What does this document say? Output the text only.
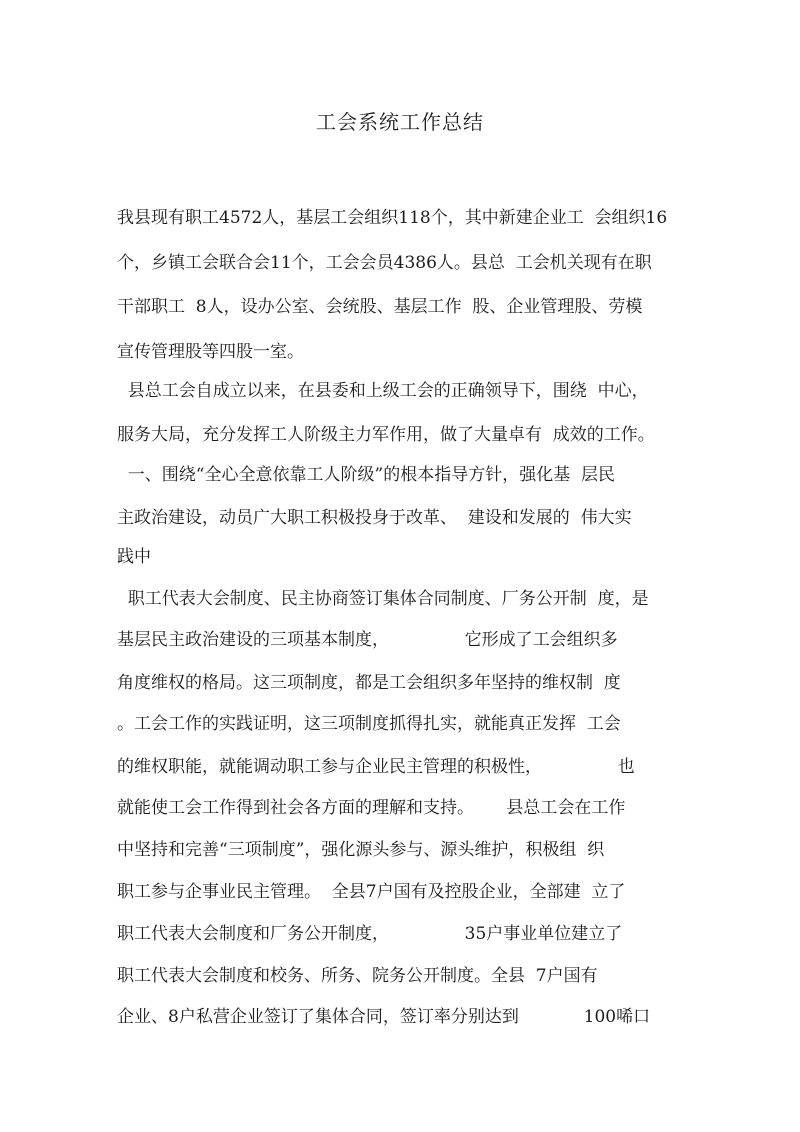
工会系统工作总结
我县现有职工4572人，基层工会组织118个，其中新建企业工  会组织16
个，乡镇工会联合会11个，工会会员4386人。县总  工会机关现有在职
干部职工  8人，设办公室、会统股、基层工作  股、企业管理股、劳模
宣传管理股等四股一室。
县总工会自成立以来，在县委和上级工会的正确领导下，围绕  中心，
服务大局，充分发挥工人阶级主力军作用，做了大量卓有  成效的工作。
一、围绕“全心全意依靠工人阶级”的根本指导方针，强化基  层民
主政治建设，动员广大职工积极投身于改革、  建设和发展的  伟大实
践中
职工代表大会制度、民主协商签订集体合同制度、厂务公开制  度，是
基层民主政治建设的三项基本制度，              它形成了工会组织多
角度维权的格局。这三项制度，都是工会组织多年坚持的维权制  度
。工会工作的实践证明，这三项制度抓得扎实，就能真正发挥  工会
的维权职能，就能调动职工参与企业民主管理的积极性，              也
就能使工会工作得到社会各方面的理解和支持。      县总工会在工作
中坚持和完善“三项制度”，强化源头参与、源头维护，积极组  织
职工参与企事业民主管理。  全县7户国有及控股企业，全部建  立了
职工代表大会制度和厂务公开制度，              35户事业单位建立了
职工代表大会制度和校务、所务、院务公开制度。全县  7户国有
企业、8户私营企业签订了集体合同，签订率分别达到            100唏口
